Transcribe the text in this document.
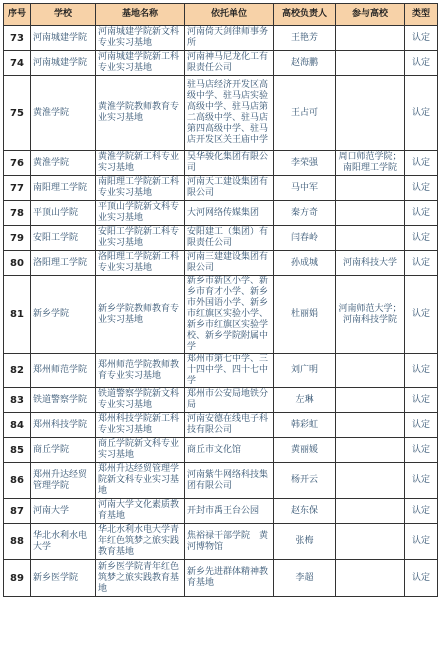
序号	学校	基地名称	依托单位	高校负责人	参与高校	类型
73	河南城建学院	河南城建学院新文科专业实习基地	河南倚天剑律师事务所	王艳芳		认定
74	河南城建学院	河南城建学院新工科专业实习基地	河南神马尼龙化工有限责任公司	赵海鹏		认定
75	黄淮学院	黄淮学院教师教育专业实习基地	驻马店经济开发区高级中学、驻马店实验高级中学、驻马店第二高级中学、驻马店第四高级中学、驻马店开发区关王庙中学	王占可		认定
76	黄淮学院	黄淮学院新工科专业实习基地	吴华骏化集团有限公司	李荣强	周口师范学院；南阳理工学院	认定
77	南阳理工学院	南阳理工学院新工科专业实习基地	河南天工建设集团有限公司	马中军		认定
78	平顶山学院	平顶山学院新文科专业实习基地	大河网络传媒集团	秦方奇		认定
79	安阳工学院	安阳工学院新工科专业实习基地	安阳建工（集团）有限责任公司	闫春岭		认定
80	洛阳理工学院	洛阳理工学院新工科专业实习基地	河南三建建设集团有限公司	孙成城	河南科技大学	认定
81	新乡学院	新乡学院教师教育专业实习基地	新乡市新区小学、新乡市育才小学、新乡市外国语小学、新乡市红旗区实验小学、新乡市红旗区实验学校、新乡学院附属中学	杜丽娟	河南师范大学；河南科技学院	认定
82	郑州师范学院	郑州师范学院教师教育专业实习基地	郑州市第七中学、三十四中学、四十七中学	刘广明		认定
83	铁道警察学院	铁道警察学院新文科专业实习基地	郑州市公安局地铁分局	左琳		认定
84	郑州科技学院	郑州科技学院新工科专业实习基地	河南安德在线电子科技有限公司	韩彩虹		认定
85	商丘学院	商丘学院新文科专业实习基地	商丘市文化馆	黄丽媛		认定
86	郑州升达经贸管理学院	郑州升达经贸管理学院新文科专业实习基地	河南紫牛网络科技集团有限公司	杨开云		认定
87	河南大学	河南大学文化素质教育基地	开封市禹王台公园	赵东保		认定
88	华北水利水电大学	华北水利水电大学青年红色筑梦之旅实践教育基地	焦裕禄干部学院　黄河博物馆	张梅		认定
89	新乡医学院	新乡医学院青年红色筑梦之旅实践教育基地	新乡先进群体精神教育基地	李超		认定
